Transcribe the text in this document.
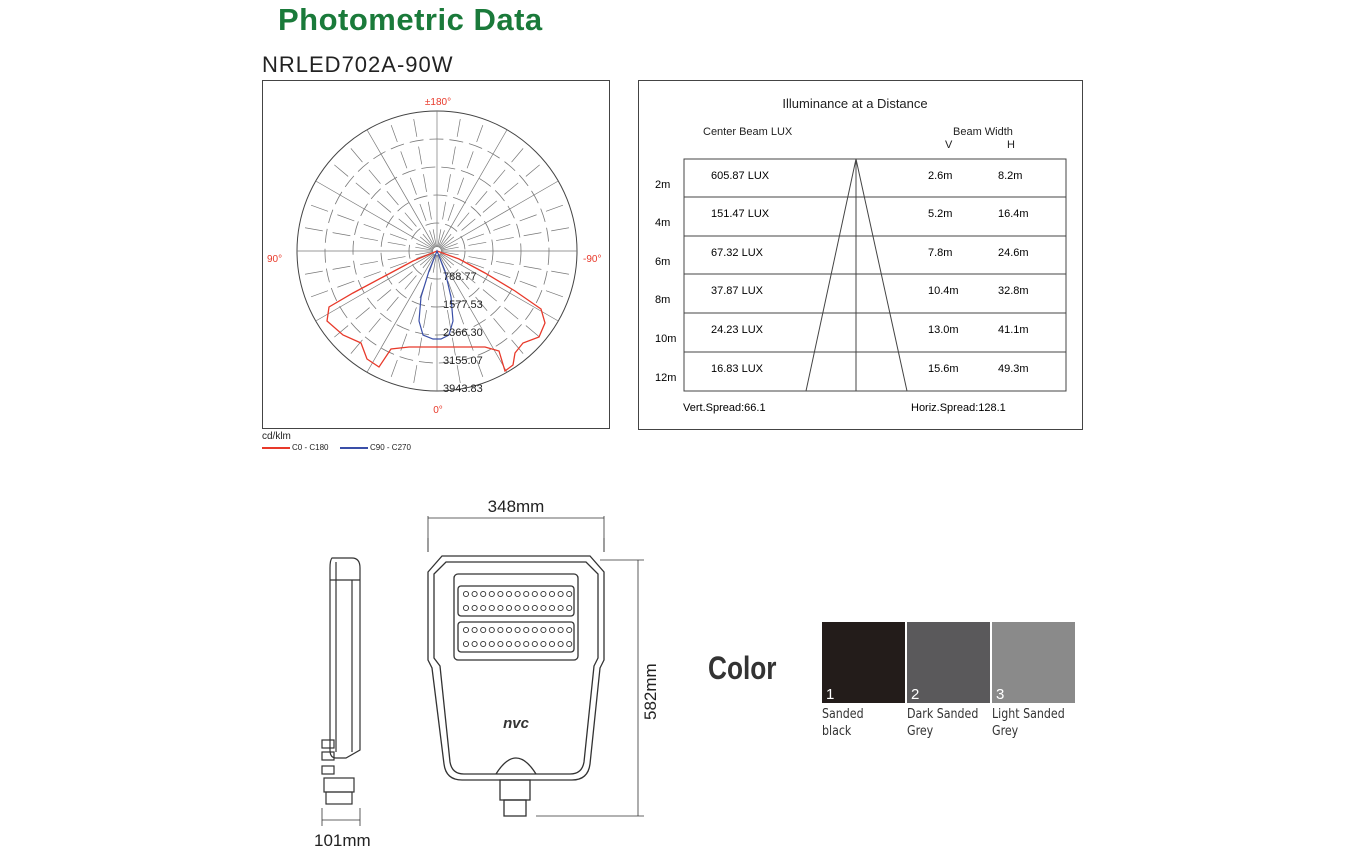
Photometric Data
NRLED702A-90W
±180°
90°	-90°
0°
788.77
1577.53
2366.30
3155.07
3943.83
cd/klm
C0 - C180	C90 - C270
Illuminance at a Distance
Center Beam LUX	Beam Width
V	H
2m
605.87 LUX	2.6m	8.2m
4m
151.47 LUX	5.2m	16.4m
6m
67.32 LUX	7.8m	24.6m
8m
37.87 LUX	10.4m	32.8m
10m
24.23 LUX	13.0m	41.1m
12m
16.83 LUX	15.6m	49.3m
Vert.Spread:66.1	Horiz.Spread:128.1
101mm
348mm
582mm
nvc
Color
1	2	3
Sanded
black
Dark Sanded
Grey
Light Sanded
Grey
